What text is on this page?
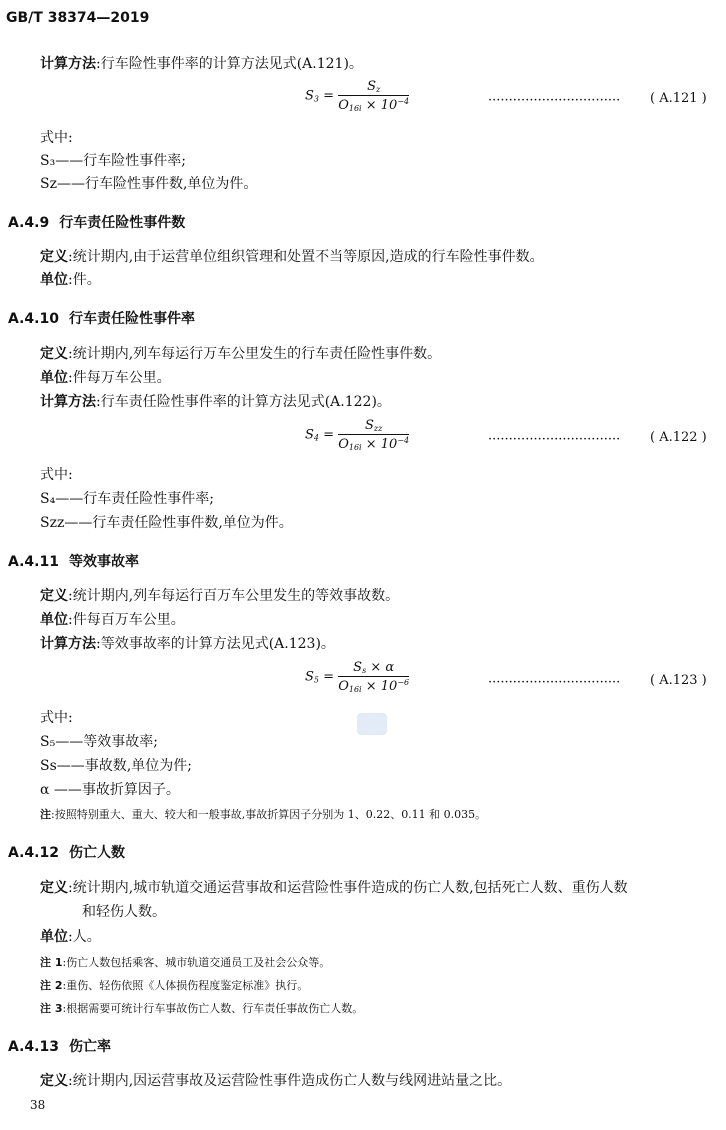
GB/T 38374—2019
计算方法:行车险性事件率的计算方法见式(A.121)。
$S_3 = \frac{S_z}{O_{16i} \times 10^{-4}}$	································ ( A.121 )
式中:
S₃——行车险性事件率;
Sz——行车险性事件数,单位为件。
A.4.9 行车责任险性事件数
定义:统计期内,由于运营单位组织管理和处置不当等原因,造成的行车险性事件数。
单位:件。
A.4.10 行车责任险性事件率
定义:统计期内,列车每运行万车公里发生的行车责任险性事件数。
单位:件每万车公里。
计算方法:行车责任险性事件率的计算方法见式(A.122)。
$S_4 = \frac{S_{zz}}{O_{16i} \times 10^{-4}}$	································ ( A.122 )
式中:
S₄——行车责任险性事件率;
Szz——行车责任险性事件数,单位为件。
A.4.11 等效事故率
定义:统计期内,列车每运行百万车公里发生的等效事故数。
单位:件每百万车公里。
计算方法:等效事故率的计算方法见式(A.123)。
$S_5 = \frac{S_s \times \alpha}{O_{16i} \times 10^{-6}}$	································ ( A.123 )
式中:
S₅——等效事故率;
Ss——事故数,单位为件;
α ——事故折算因子。
注:按照特别重大、重大、较大和一般事故,事故折算因子分别为 1、0.22、0.11 和 0.035。
A.4.12 伤亡人数
定义:统计期内,城市轨道交通运营事故和运营险性事件造成的伤亡人数,包括死亡人数、重伤人数
和轻伤人数。
单位:人。
注 1:伤亡人数包括乘客、城市轨道交通员工及社会公众等。
注 2:重伤、轻伤依照《人体损伤程度鉴定标准》执行。
注 3:根据需要可统计行车事故伤亡人数、行车责任事故伤亡人数。
A.4.13 伤亡率
定义:统计期内,因运营事故及运营险性事件造成伤亡人数与线网进站量之比。
38
